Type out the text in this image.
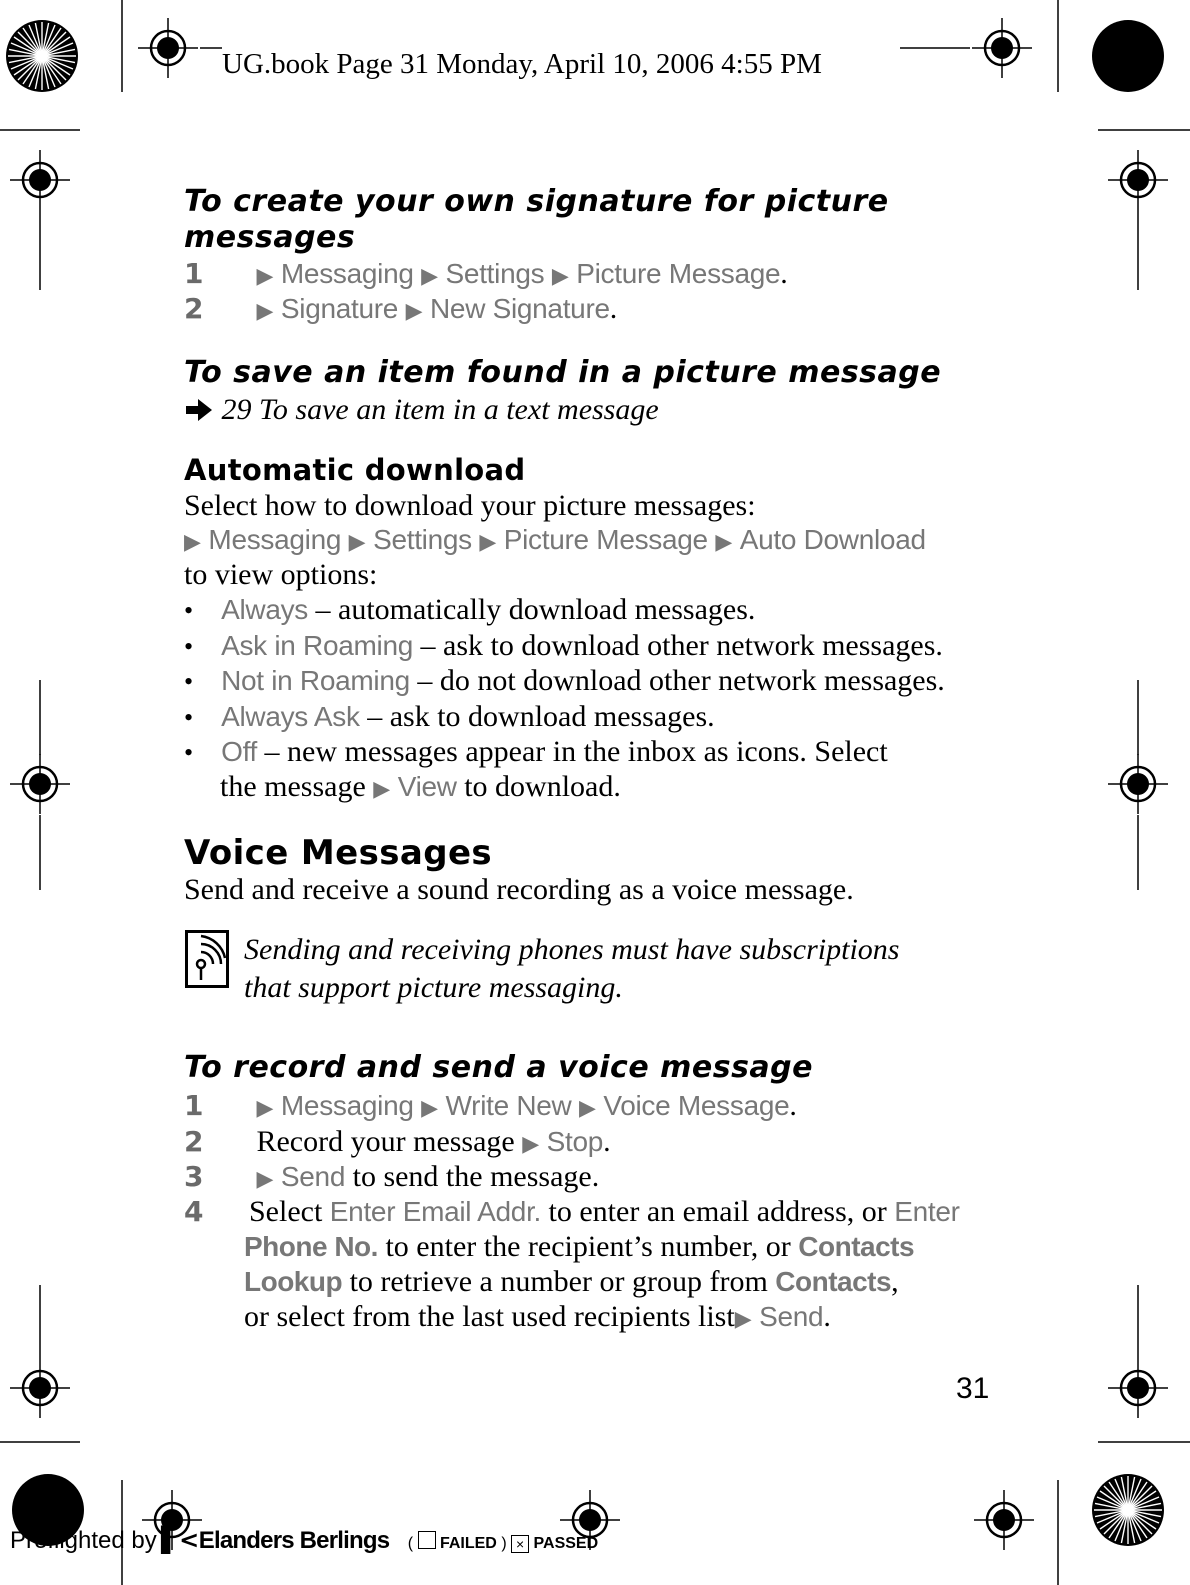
UG.book Page 31 Monday, April 10, 2006 4:55 PM
To create your own signature for picture
messages
1 ▶ Messaging ▶ Settings ▶ Picture Message.
2 ▶ Signature ▶ New Signature.
To save an item found in a picture message
29 To save an item in a text message
Automatic download
Select how to download your picture messages:
▶ Messaging ▶ Settings ▶ Picture Message ▶ Auto Download
to view options:
• Always – automatically download messages.
• Ask in Roaming – ask to download other network messages.
• Not in Roaming – do not download other network messages.
• Always Ask – ask to download messages.
• Off – new messages appear in the inbox as icons. Select
the message ▶ View to download.
Voice Messages
Send and receive a sound recording as a voice message.
Sending and receiving phones must have subscriptions
that support picture messaging.
To record and send a voice message
1 ▶ Messaging ▶ Write New ▶ Voice Message.
2 Record your message ▶ Stop.
3 ▶ Send to send the message.
4 Select Enter Email Addr. to enter an email address, or Enter
Phone No. to enter the recipient’s number, or Contacts
Lookup to retrieve a number or group from Contacts,
or select from the last used recipients list▶ Send.
31
Preflighted by ▌<Elanders Berlings ( FAILED ) × PASSED
